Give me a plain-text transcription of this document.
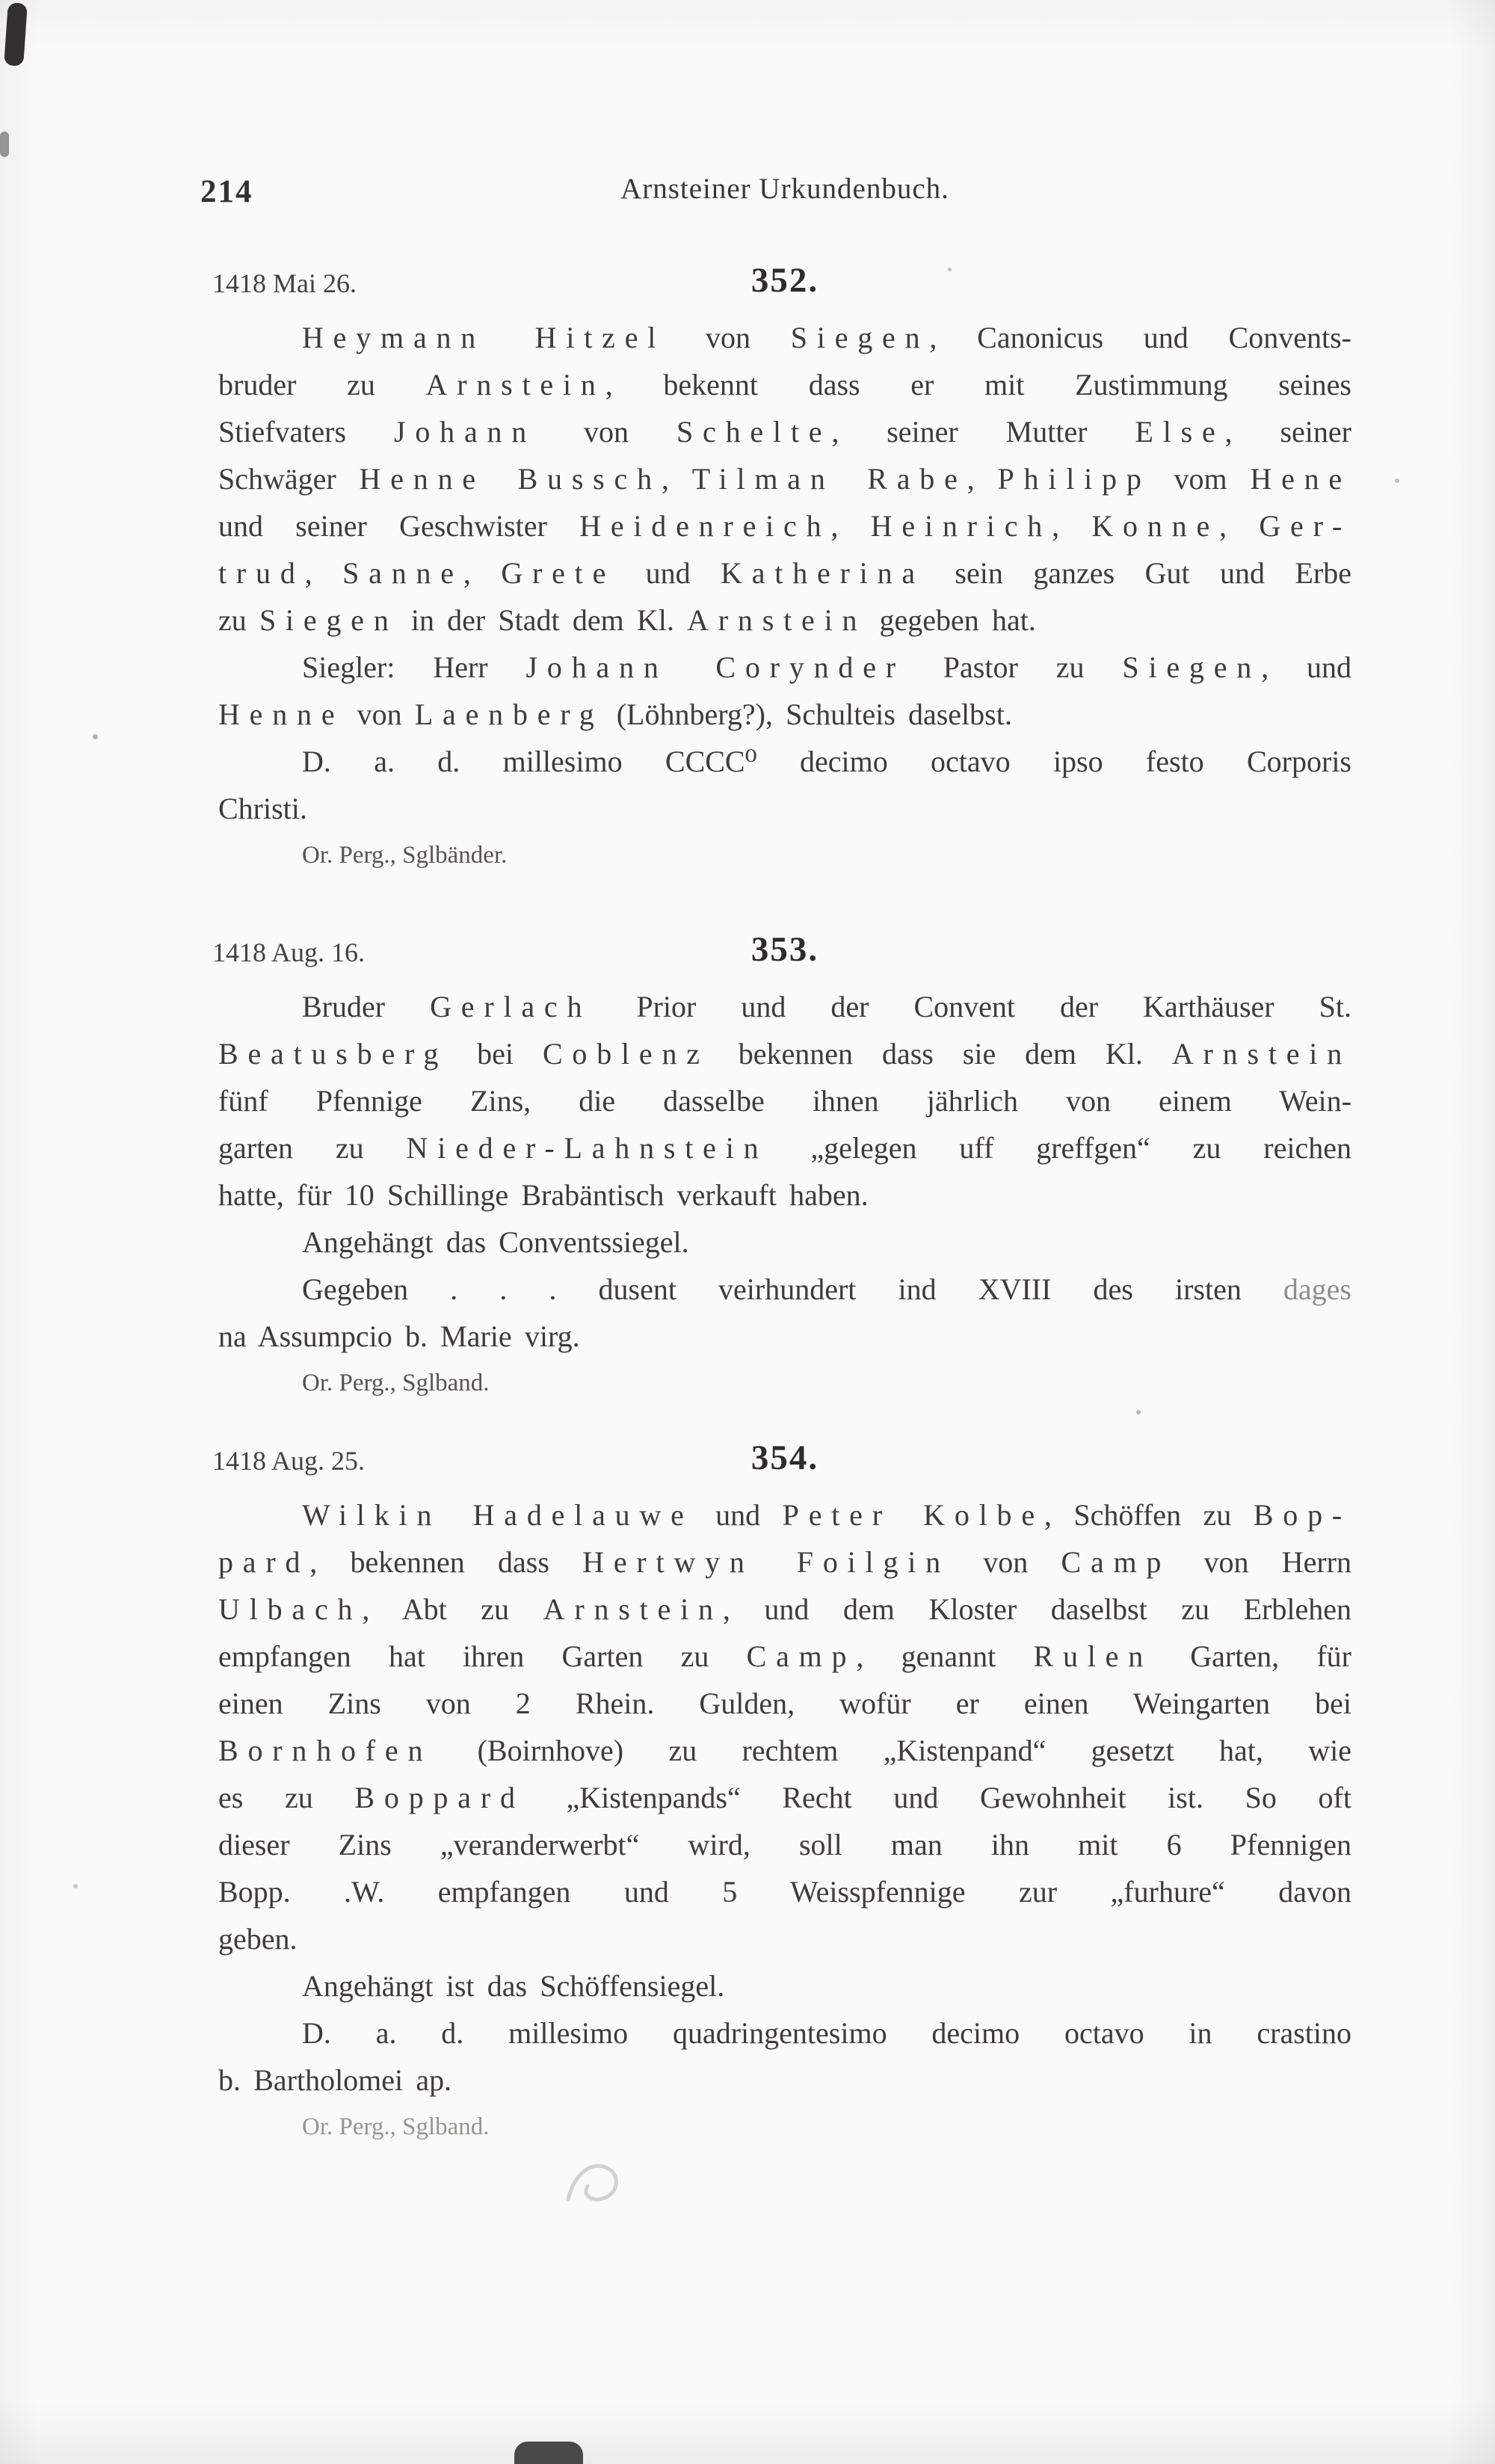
214	Arnsteiner Urkundenbuch.
1418 Mai 26.	352.

Heymann Hitzel von Siegen, Canonicus und Convents-
bruder zu Arnstein, bekennt dass er mit Zustimmung seines
Stiefvaters Johann von Schelte, seiner Mutter Else, seiner
Schwäger Henne Bussch, Tilman Rabe, Philipp vom Hene
und seiner Geschwister Heidenreich, Heinrich, Konne, Ger-
trud, Sanne, Grete und Katherina sein ganzes Gut und Erbe
zu Siegen in der Stadt dem Kl. Arnstein gegeben hat.

Siegler: Herr Johann Corynder Pastor zu Siegen, und
Henne von Laenberg (Löhnberg?), Schulteis daselbst.

D. a. d. millesimo CCCC⁰ decimo octavo ipso festo Corporis
Christi.

Or. Perg., Sglbänder.

1418 Aug. 16.	353.

Bruder Gerlach Prior und der Convent der Karthäuser St.
Beatusberg bei Coblenz bekennen dass sie dem Kl. Arnstein
fünf Pfennige Zins, die dasselbe ihnen jährlich von einem Wein-
garten zu Nieder-Lahnstein „gelegen uff greffgen“ zu reichen
hatte, für 10 Schillinge Brabäntisch verkauft haben.

Angehängt das Conventssiegel.

Gegeben . . . dusent veirhundert ind XVIII des irsten dages
na Assumpcio b. Marie virg.

Or. Perg., Sglband.

1418 Aug. 25.	354.

Wilkin Hadelauwe und Peter Kolbe, Schöffen zu Bop-
pard, bekennen dass Hertwyn Foilgin von Camp von Herrn
Ulbach, Abt zu Arnstein, und dem Kloster daselbst zu Erblehen
empfangen hat ihren Garten zu Camp, genannt Rulen Garten, für
einen Zins von 2 Rhein. Gulden, wofür er einen Weingarten bei
Bornhofen (Boirnhove) zu rechtem „Kistenpand“ gesetzt hat, wie
es zu Boppard „Kistenpands“ Recht und Gewohnheit ist. So oft
dieser Zins „veranderwerbt“ wird, soll man ihn mit 6 Pfennigen
Bopp. .W. empfangen und 5 Weisspfennige zur „furhure“ davon
geben.

Angehängt ist das Schöffensiegel.

D. a. d. millesimo quadringentesimo decimo octavo in crastino
b. Bartholomei ap.

Or. Perg., Sglband.
